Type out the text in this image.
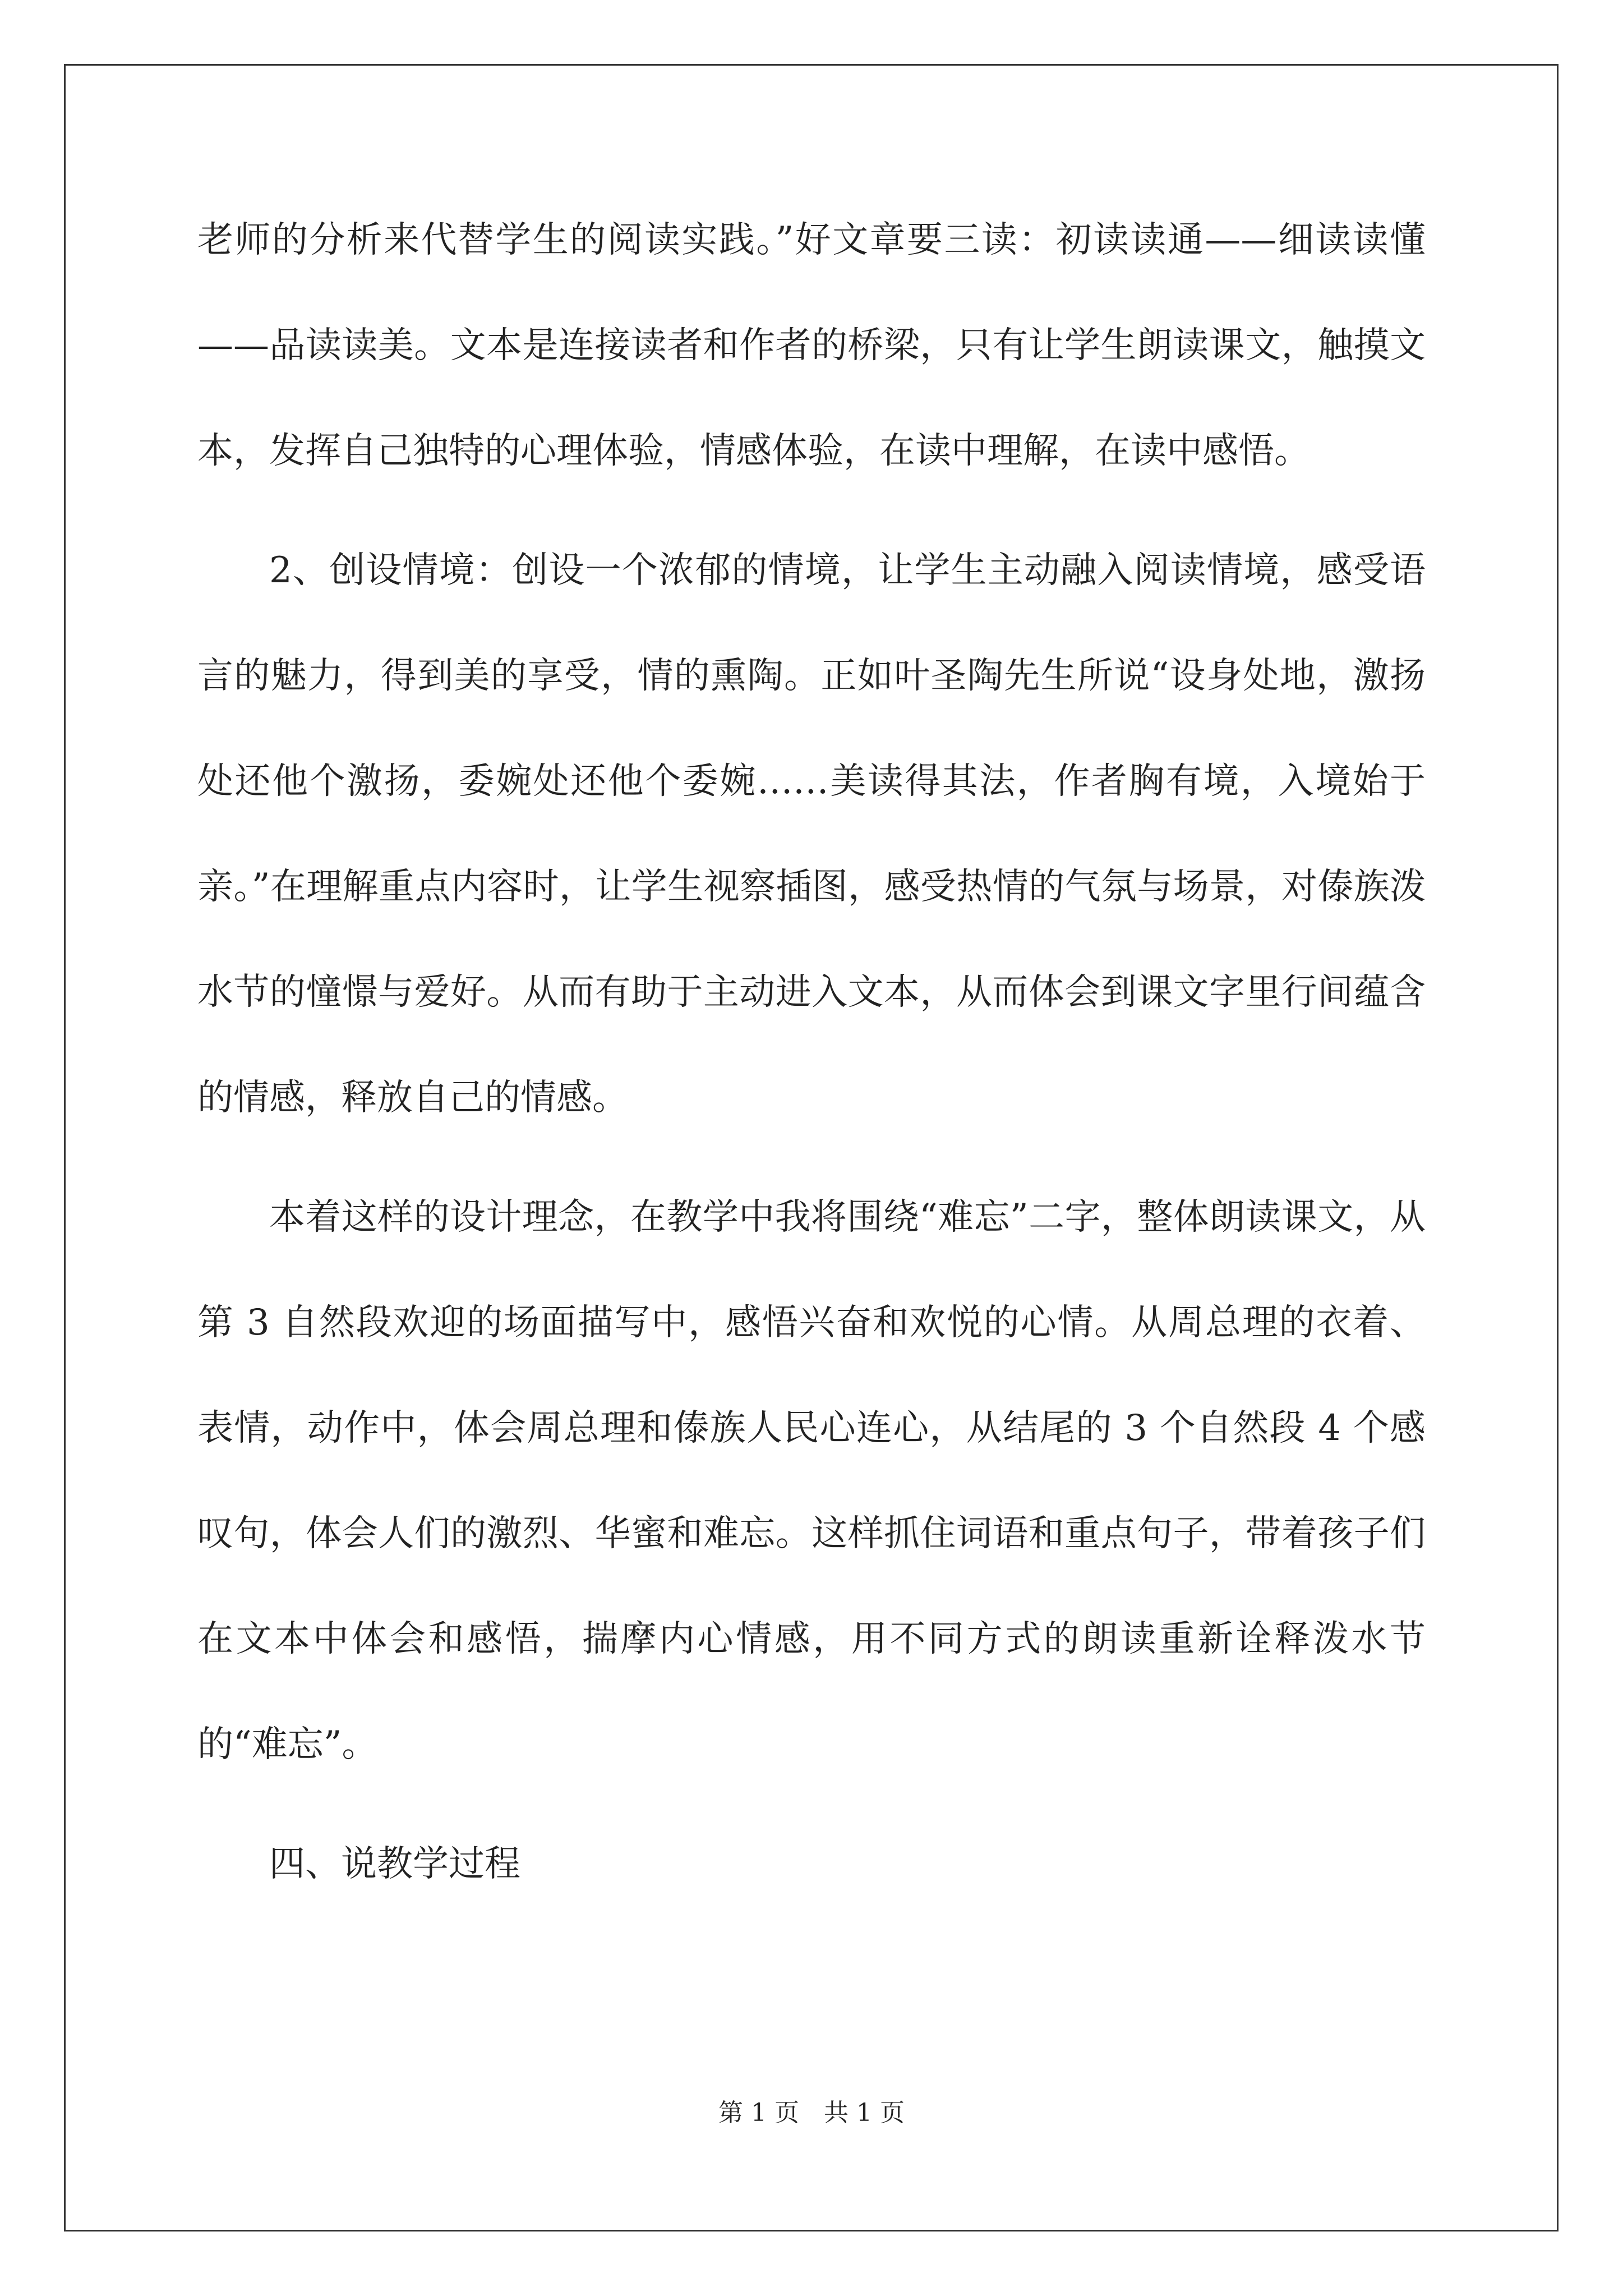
老师的分析来代替学生的阅读实践。”好文章要三读：初读读通——细读读懂——品读读美。文本是连接读者和作者的桥梁，只有让学生朗读课文，触摸文本，发挥自己独特的心理体验，情感体验，在读中理解，在读中感悟。

2、创设情境：创设一个浓郁的情境，让学生主动融入阅读情境，感受语言的魅力，得到美的享受，情的熏陶。正如叶圣陶先生所说“设身处地，激扬处还他个激扬，委婉处还他个委婉……美读得其法，作者胸有境，入境始于亲。”在理解重点内容时，让学生视察插图，感受热情的气氛与场景，对傣族泼水节的憧憬与爱好。从而有助于主动进入文本，从而体会到课文字里行间蕴含的情感，释放自己的情感。

本着这样的设计理念，在教学中我将围绕“难忘”二字，整体朗读课文，从第 3 自然段欢迎的场面描写中，感悟兴奋和欢悦的心情。从周总理的衣着、表情，动作中，体会周总理和傣族人民心连心，从结尾的 3 个自然段 4 个感叹句，体会人们的激烈、华蜜和难忘。这样抓住词语和重点句子，带着孩子们在文本中体会和感悟，揣摩内心情感，用不同方式的朗读重新诠释泼水节的“难忘”。

四、说教学过程

第 1 页　共 1 页
